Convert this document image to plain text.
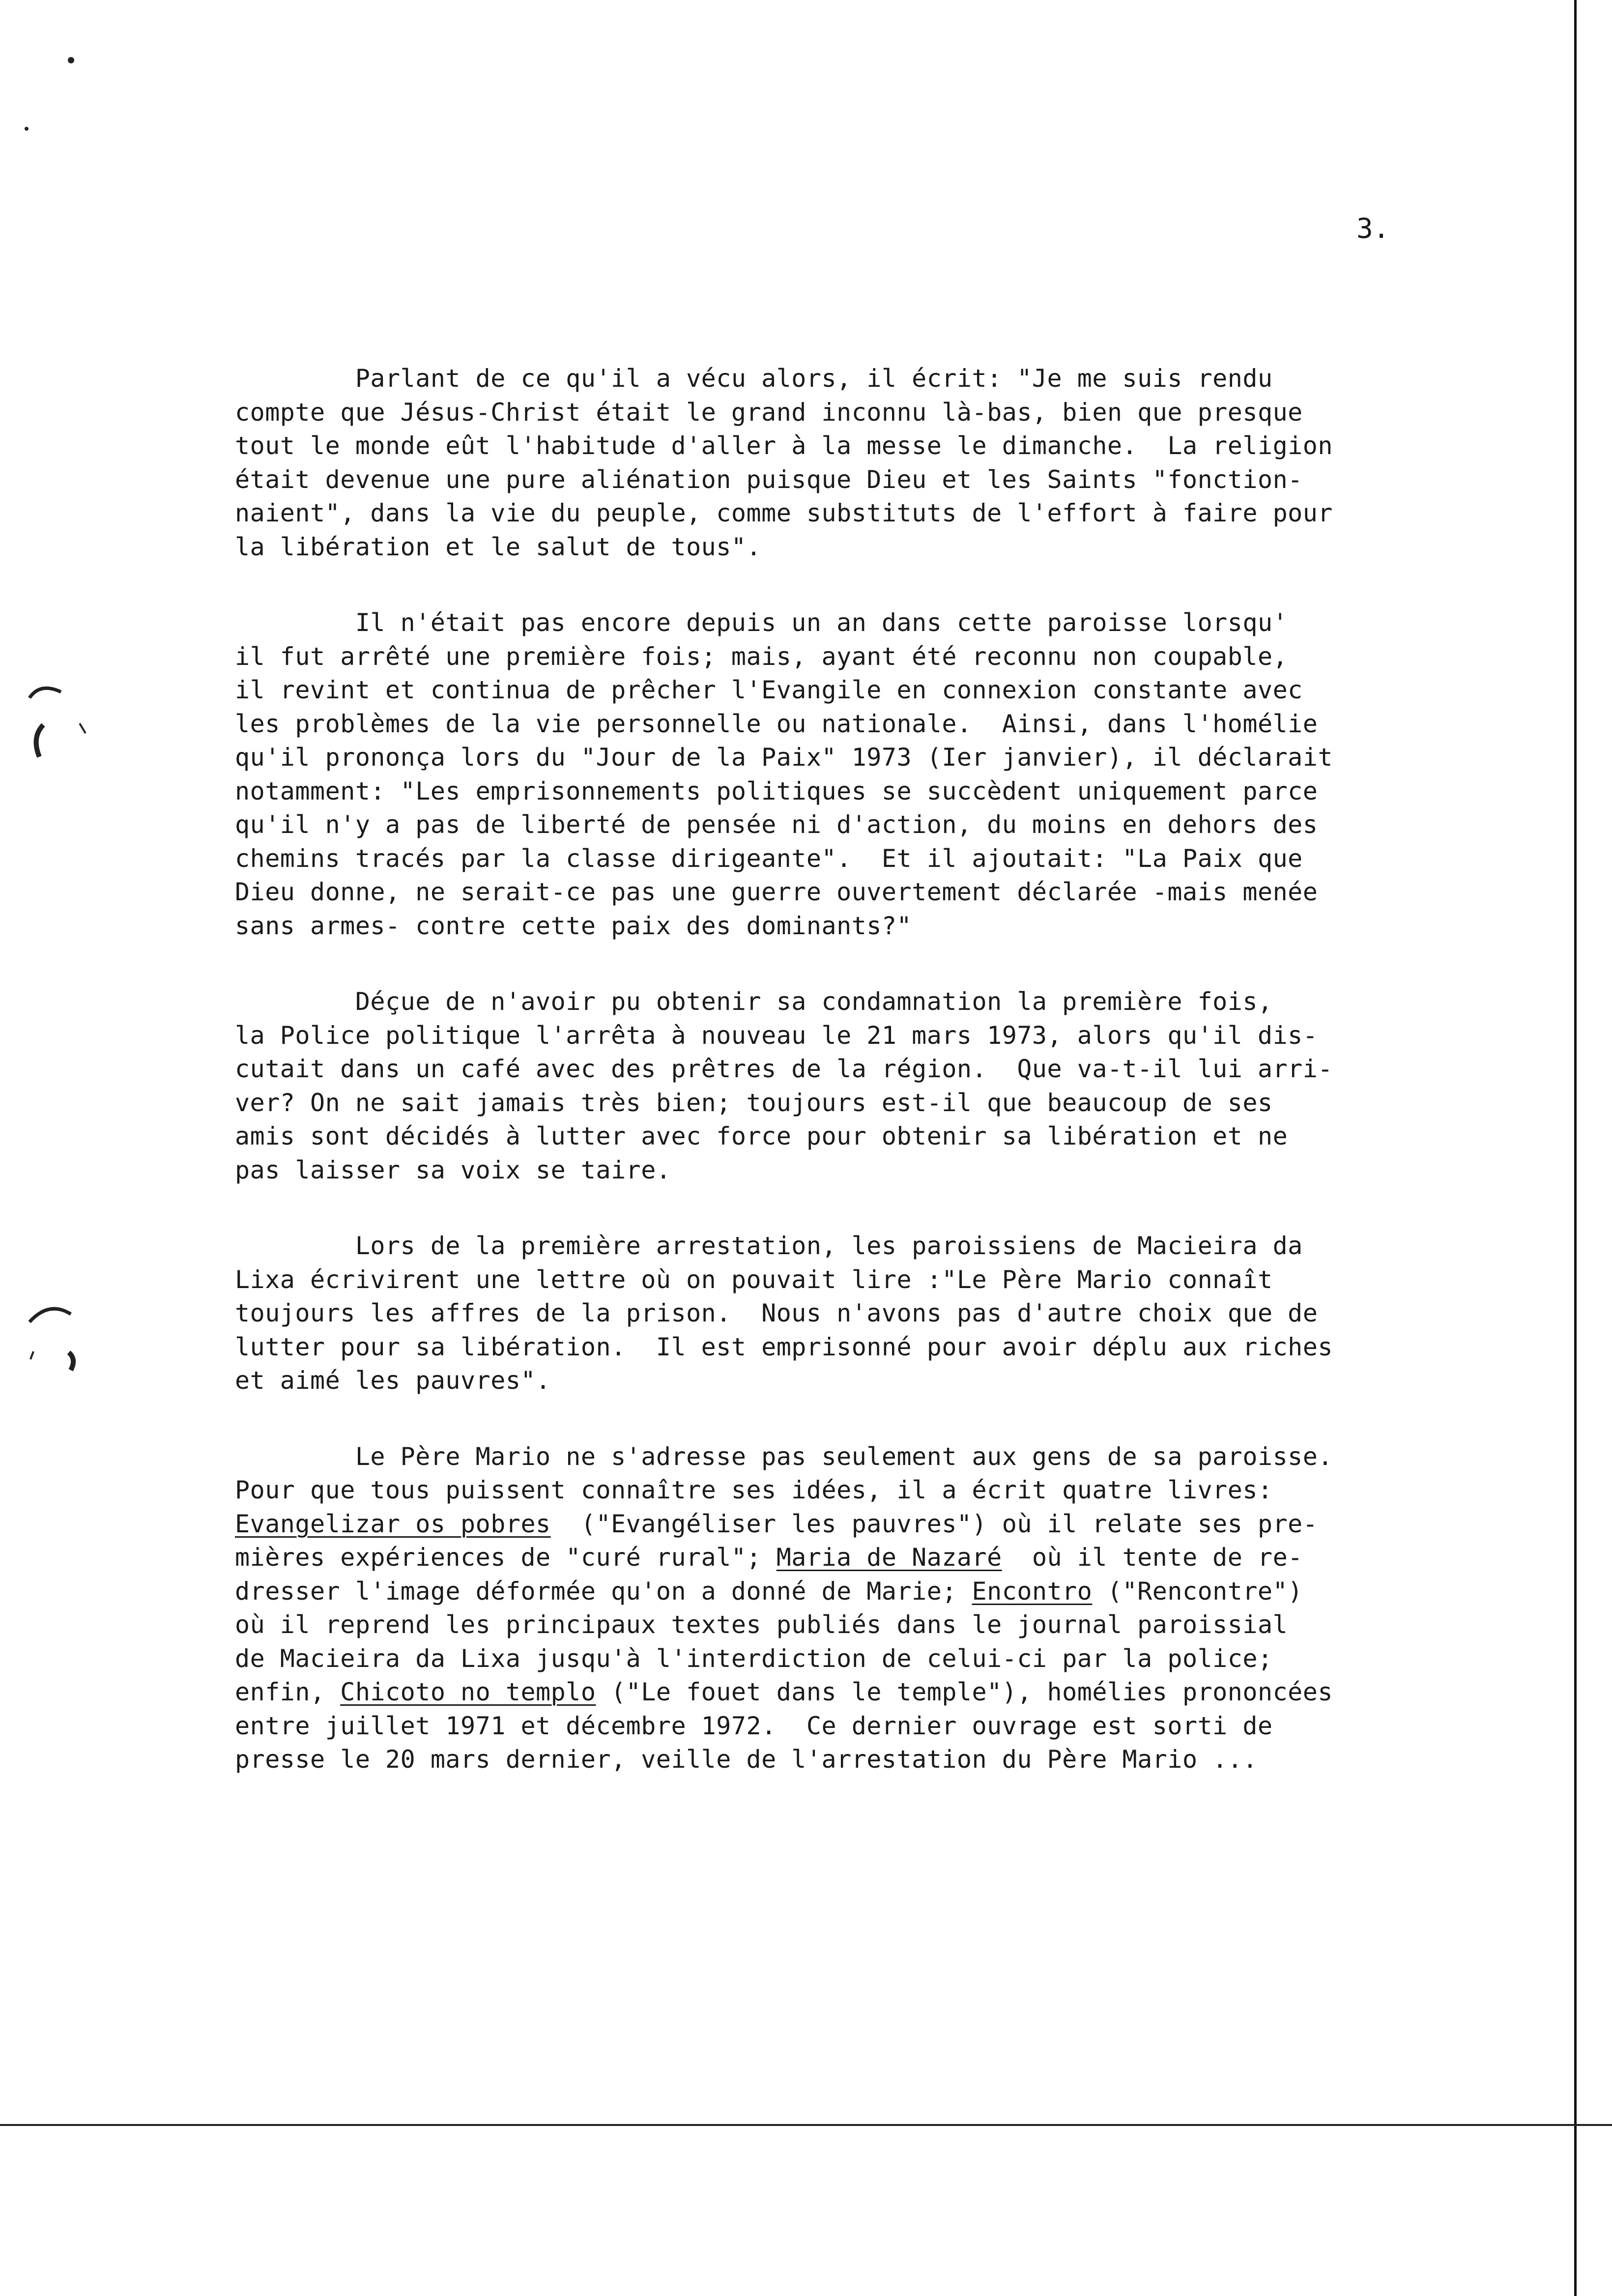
3.
Parlant de ce qu'il a vécu alors, il écrit: "Je me suis rendu
compte que Jésus-Christ était le grand inconnu là-bas, bien que presque
tout le monde eût l'habitude d'aller à la messe le dimanche.  La religion
était devenue une pure aliénation puisque Dieu et les Saints "fonction-
naient", dans la vie du peuple, comme substituts de l'effort à faire pour
la libération et le salut de tous".
Il n'était pas encore depuis un an dans cette paroisse lorsqu'
il fut arrêté une première fois; mais, ayant été reconnu non coupable,
il revint et continua de prêcher l'Evangile en connexion constante avec
les problèmes de la vie personnelle ou nationale.  Ainsi, dans l'homélie
qu'il prononça lors du "Jour de la Paix" 1973 (Ier janvier), il déclarait
notamment: "Les emprisonnements politiques se succèdent uniquement parce
qu'il n'y a pas de liberté de pensée ni d'action, du moins en dehors des
chemins tracés par la classe dirigeante".  Et il ajoutait: "La Paix que
Dieu donne, ne serait-ce pas une guerre ouvertement déclarée -mais menée
sans armes- contre cette paix des dominants?"
Déçue de n'avoir pu obtenir sa condamnation la première fois,
la Police politique l'arrêta à nouveau le 21 mars 1973, alors qu'il dis-
cutait dans un café avec des prêtres de la région.  Que va-t-il lui arri-
ver? On ne sait jamais très bien; toujours est-il que beaucoup de ses
amis sont décidés à lutter avec force pour obtenir sa libération et ne
pas laisser sa voix se taire.
Lors de la première arrestation, les paroissiens de Macieira da
Lixa écrivirent une lettre où on pouvait lire :"Le Père Mario connaît
toujours les affres de la prison.  Nous n'avons pas d'autre choix que de
lutter pour sa libération.  Il est emprisonné pour avoir déplu aux riches
et aimé les pauvres".
Le Père Mario ne s'adresse pas seulement aux gens de sa paroisse.
Pour que tous puissent connaître ses idées, il a écrit quatre livres:
Evangelizar os pobres  ("Evangéliser les pauvres") où il relate ses pre-
mières expériences de "curé rural"; Maria de Nazaré  où il tente de re-
dresser l'image déformée qu'on a donné de Marie; Encontro ("Rencontre")
où il reprend les principaux textes publiés dans le journal paroissial
de Macieira da Lixa jusqu'à l'interdiction de celui-ci par la police;
enfin, Chicoto no templo ("Le fouet dans le temple"), homélies prononcées
entre juillet 1971 et décembre 1972.  Ce dernier ouvrage est sorti de
presse le 20 mars dernier, veille de l'arrestation du Père Mario ...
